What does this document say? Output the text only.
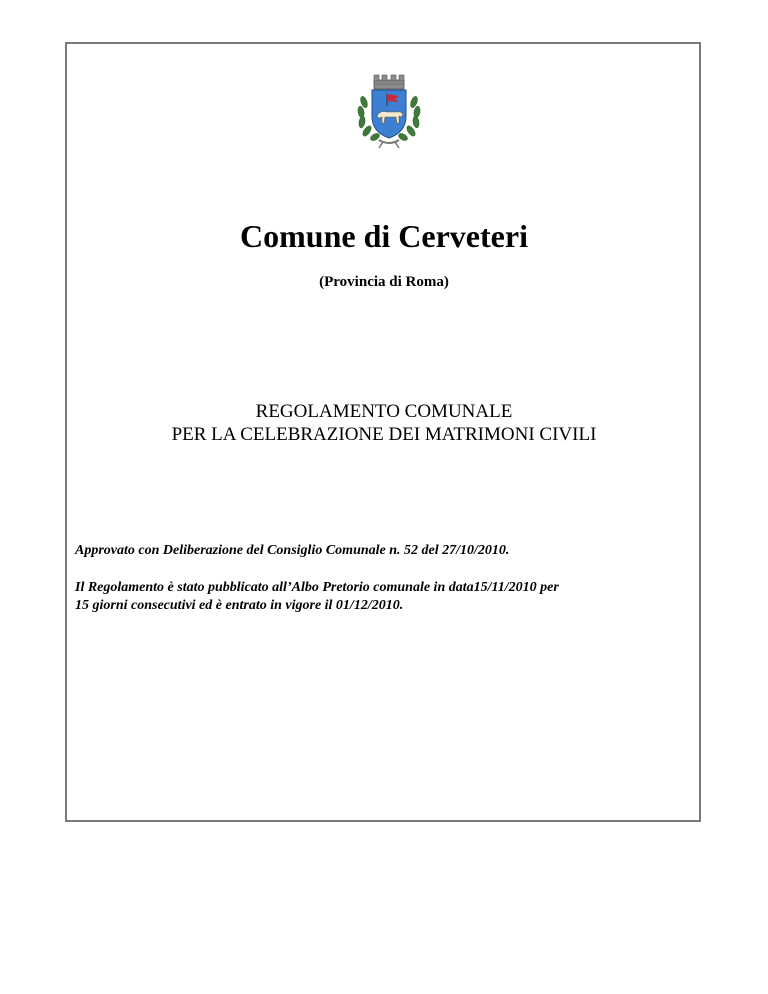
Comune di Cerveteri
(Provincia di Roma)
REGOLAMENTO COMUNALE
PER LA CELEBRAZIONE DEI MATRIMONI CIVILI
Approvato con Deliberazione del Consiglio Comunale n. 52 del 27/10/2010.
Il Regolamento è stato pubblicato all’Albo Pretorio comunale in data15/11/2010 per
15 giorni consecutivi ed è entrato in vigore il 01/12/2010.
